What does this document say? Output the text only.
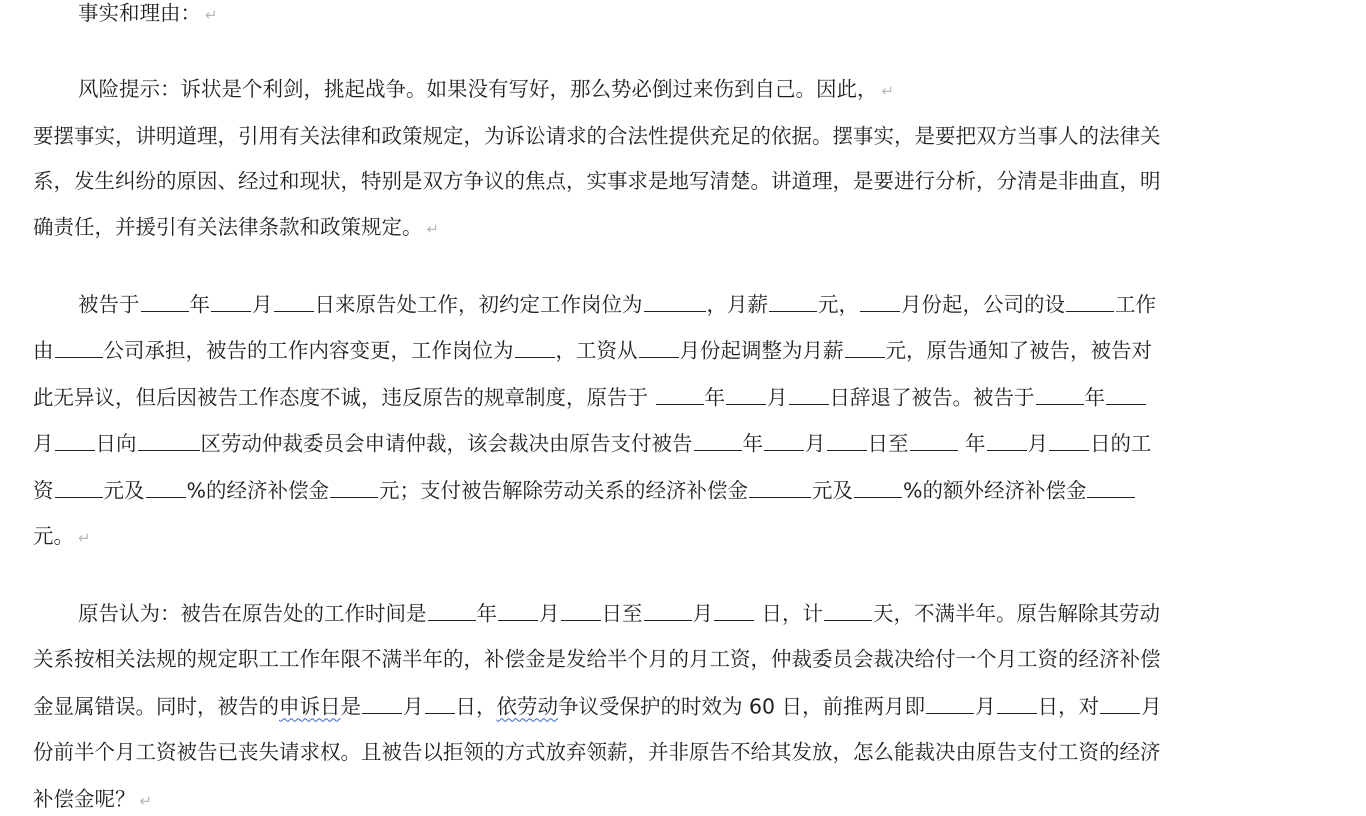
事实和理由： ↵
风险提示：诉状是个利剑，挑起战争。如果没有写好，那么势必倒过来伤到自己。因此， ↵
要摆事实，讲明道理，引用有关法律和政策规定，为诉讼请求的合法性提供充足的依据。摆事实，是要把双方当事人的法律关
系，发生纠纷的原因、经过和现状，特别是双方争议的焦点，实事求是地写清楚。讲道理，是要进行分析，分清是非曲直，明
确责任，并援引有关法律条款和政策规定。 ↵
被告于 年 月 日来原告处工作，初约定工作岗位为	，月薪 元， 月份起，公司的设 工作
由 公司承担，被告的工作内容变更，工作岗位为 ，工资从 月份起调整为月薪 元，原告通知了被告，被告对
此无异议，但后因被告工作态度不诚，违反原告的规章制度，原告于 年 月 日辞退了被告。被告于 年
月 日向	区劳动仲裁委员会申请仲裁，该会裁决由原告支付被告 年 月 日至 年 月 日的工
资 元及 %的经济补偿金 元；支付被告解除劳动关系的经济补偿金	元及 %的额外经济补偿金
元。 ↵
原告认为：被告在原告处的工作时间是 年 月 日至 月 日，计 天，不满半年。原告解除其劳动
关系按相关法规的规定职工工作年限不满半年的，补偿金是发给半个月的月工资，仲裁委员会裁决给付一个月工资的经济补偿
金显属错误。同时，被告的申诉日是 月 日，依劳动争议受保护的时效为 60 日，前推两月即 月 日，对 月
份前半个月工资被告已丧失请求权。且被告以拒领的方式放弃领薪，并非原告不给其发放，怎么能裁决由原告支付工资的经济
补偿金呢？ ↵
